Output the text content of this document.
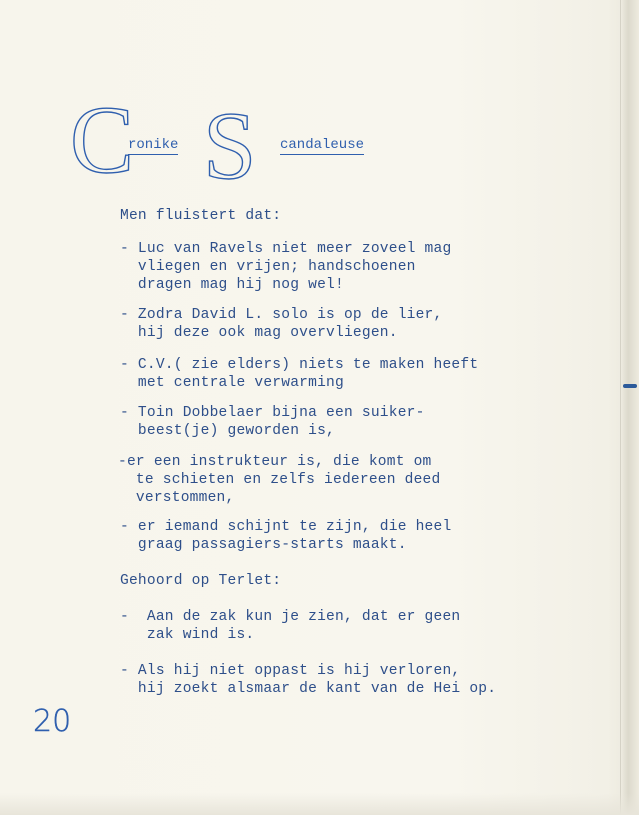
C
ronike S candaleuse
Men fluistert dat:
- Luc van Ravels niet meer zoveel mag
vliegen en vrijen; handschoenen
dragen mag hij nog wel!
- Zodra David L. solo is op de lier,
hij deze ook mag overvliegen.
- C.V.( zie elders) niets te maken heeft
met centrale verwarming
- Toin Dobbelaer bijna een suiker-
beest(je) geworden is,
-er een instrukteur is, die komt om
te schieten en zelfs iedereen deed
verstommen,
- er iemand schijnt te zijn, die heel
graag passagiers-starts maakt.
Gehoord op Terlet:
-  Aan de zak kun je zien, dat er geen
zak wind is.
- Als hij niet oppast is hij verloren,
hij zoekt alsmaar de kant van de Hei op.
20
